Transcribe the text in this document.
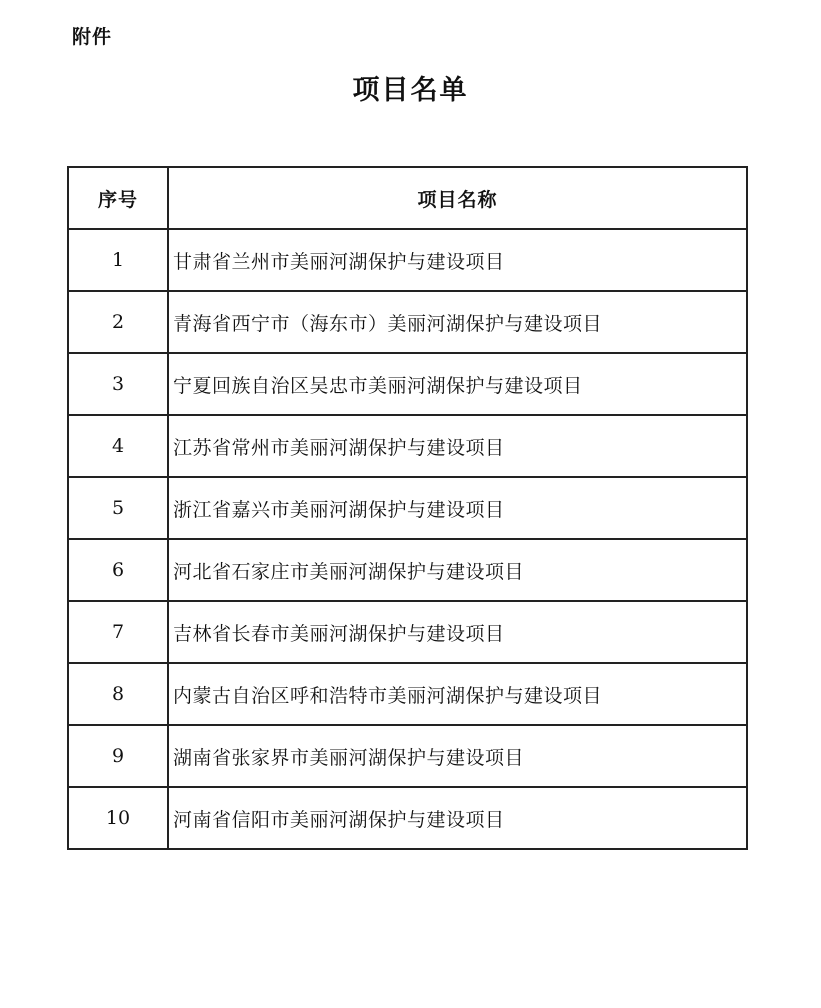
附件
项目名单
序号	项目名称
1	甘肃省兰州市美丽河湖保护与建设项目
2	青海省西宁市（海东市）美丽河湖保护与建设项目
3	宁夏回族自治区吴忠市美丽河湖保护与建设项目
4	江苏省常州市美丽河湖保护与建设项目
5	浙江省嘉兴市美丽河湖保护与建设项目
6	河北省石家庄市美丽河湖保护与建设项目
7	吉林省长春市美丽河湖保护与建设项目
8	内蒙古自治区呼和浩特市美丽河湖保护与建设项目
9	湖南省张家界市美丽河湖保护与建设项目
10	河南省信阳市美丽河湖保护与建设项目
